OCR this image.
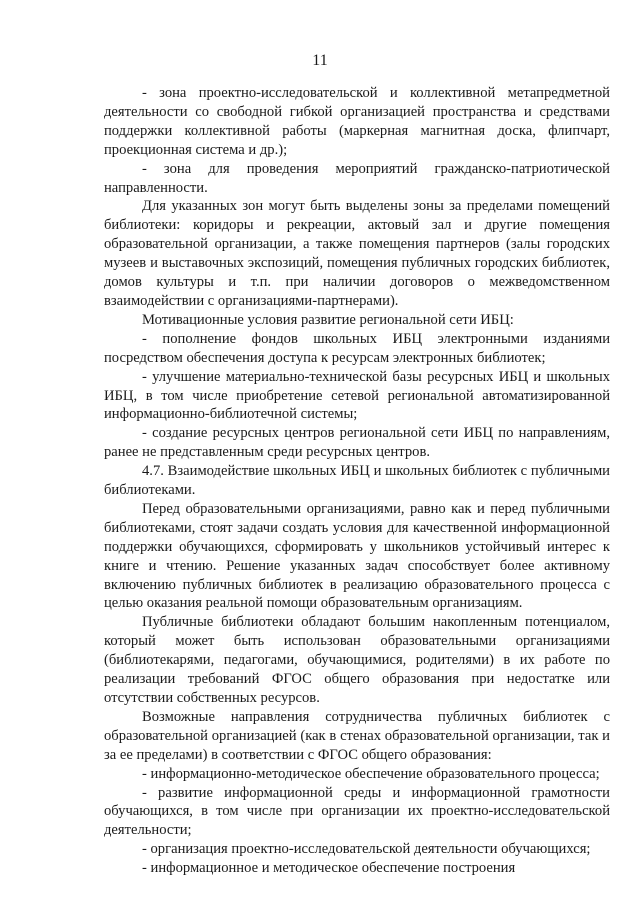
11

- зона проектно-исследовательской и коллективной метапредметной деятельности со свободной гибкой организацией пространства и средствами поддержки коллективной работы (маркерная магнитная доска, флипчарт, проекционная система и др.);

- зона для проведения мероприятий гражданско-патриотической направленности.

Для указанных зон могут быть выделены зоны за пределами помещений библиотеки: коридоры и рекреации, актовый зал и другие помещения образовательной организации, а также помещения партнеров (залы городских музеев и выставочных экспозиций, помещения публичных городских библиотек, домов культуры и т.п. при наличии договоров о межведомственном взаимодействии с организациями-партнерами).

Мотивационные условия развитие региональной сети ИБЦ:

- пополнение фондов школьных ИБЦ электронными изданиями посредством обеспечения доступа к ресурсам электронных библиотек;

- улучшение материально-технической базы ресурсных ИБЦ и школьных ИБЦ, в том числе приобретение сетевой региональной автоматизированной информационно-библиотечной системы;

- создание ресурсных центров региональной сети ИБЦ по направлениям, ранее не представленным среди ресурсных центров.

4.7. Взаимодействие школьных ИБЦ и школьных библиотек с публичными библиотеками.

Перед образовательными организациями, равно как и перед публичными библиотеками, стоят задачи создать условия для качественной информационной поддержки обучающихся, сформировать у школьников устойчивый интерес к книге и чтению. Решение указанных задач способствует более активному включению публичных библиотек в реализацию образовательного процесса с целью оказания реальной помощи образовательным организациям.

Публичные библиотеки обладают большим накопленным потенциалом, который может быть использован образовательными организациями (библиотекарями, педагогами, обучающимися, родителями) в их работе по реализации требований ФГОС общего образования при недостатке или отсутствии собственных ресурсов.

Возможные направления сотрудничества публичных библиотек с образовательной организацией (как в стенах образовательной организации, так и за ее пределами) в соответствии с ФГОС общего образования:

- информационно-методическое обеспечение образовательного процесса;

- развитие информационной среды и информационной грамотности обучающихся, в том числе при организации их проектно-исследовательской деятельности;

- организация проектно-исследовательской деятельности обучающихся;

- информационное и методическое обеспечение построения
